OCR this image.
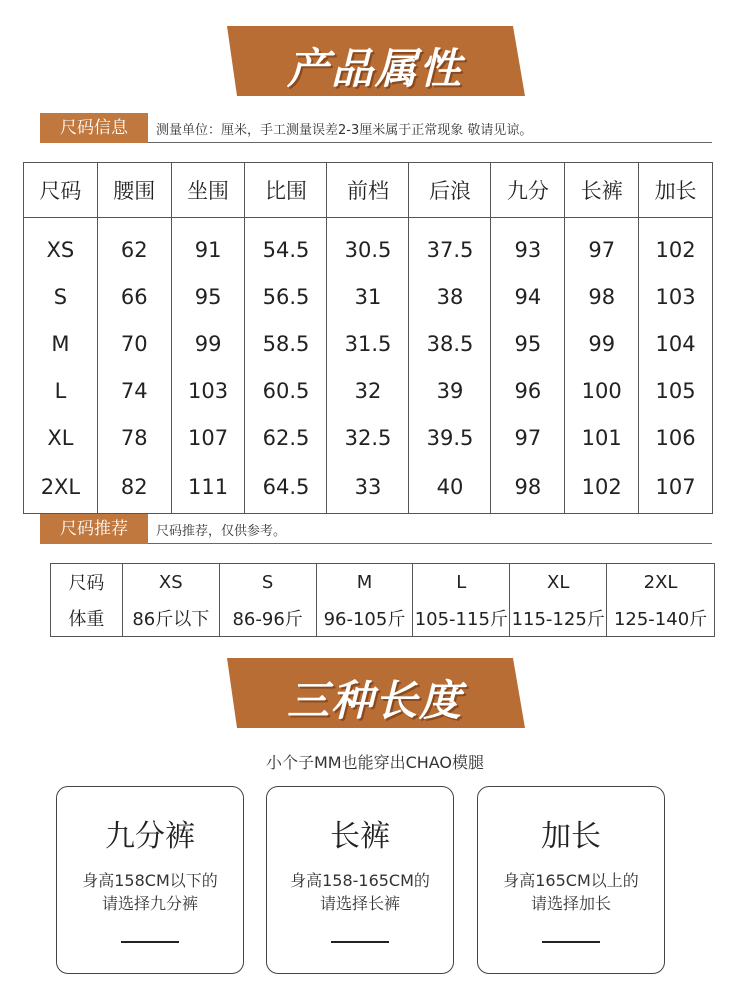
产品属性
尺码信息	测量单位：厘米，手工测量误差2-3厘米属于正常现象 敬请见谅。
尺码	腰围	坐围	比围	前档	后浪	九分	长裤	加长
XS	62	91	54.5	30.5	37.5	93	97	102
S	66	95	56.5	31	38	94	98	103
M	70	99	58.5	31.5	38.5	95	99	104
L	74	103	60.5	32	39	96	100	105
XL	78	107	62.5	32.5	39.5	97	101	106
2XL	82	111	64.5	33	40	98	102	107
尺码推荐	尺码推荐，仅供参考。
尺码	XS	S	M	L	XL	2XL
体重	86斤以下	86-96斤	96-105斤	105-115斤	115-125斤	125-140斤
三种长度
小个子MM也能穿出CHAO模腿
九分裤
身高158CM以下的
请选择九分裤
长裤
身高158-165CM的
请选择长裤
加长
身高165CM以上的
请选择加长
